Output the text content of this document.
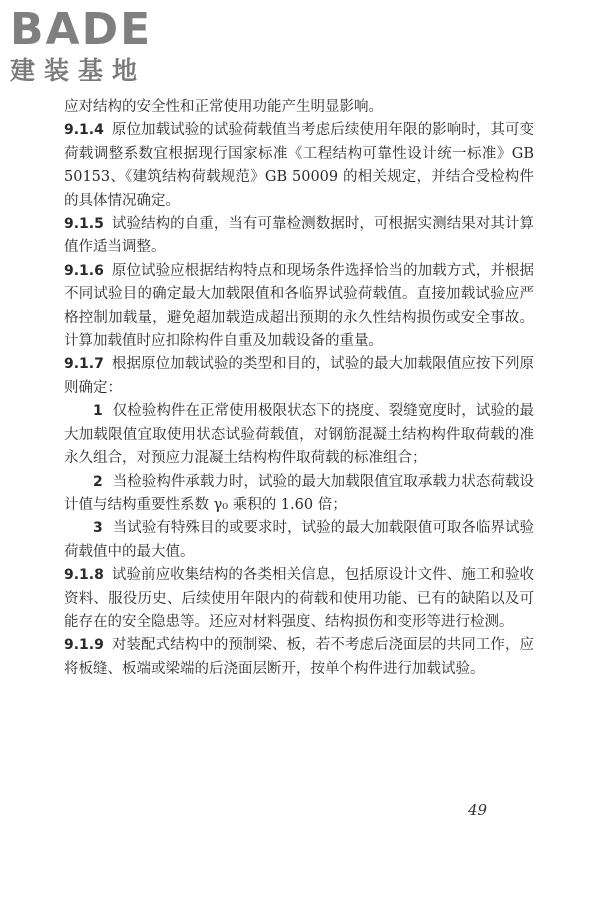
BADE
建装基地

应对结构的安全性和正常使用功能产生明显影响。

9.1.4 原位加载试验的试验荷载值当考虑后续使用年限的影响时，其可变荷载调整系数宜根据现行国家标准《工程结构可靠性设计统一标准》GB 50153、《建筑结构荷载规范》GB 50009 的相关规定，并结合受检构件的具体情况确定。

9.1.5 试验结构的自重，当有可靠检测数据时，可根据实测结果对其计算值作适当调整。

9.1.6 原位试验应根据结构特点和现场条件选择恰当的加载方式，并根据不同试验目的确定最大加载限值和各临界试验荷载值。直接加载试验应严格控制加载量，避免超加载造成超出预期的永久性结构损伤或安全事故。计算加载值时应扣除构件自重及加载设备的重量。

9.1.7 根据原位加载试验的类型和目的，试验的最大加载限值应按下列原则确定：

1 仅检验构件在正常使用极限状态下的挠度、裂缝宽度时，试验的最大加载限值宜取使用状态试验荷载值，对钢筋混凝土结构构件取荷载的准永久组合，对预应力混凝土结构构件取荷载的标准组合；

2 当检验构件承载力时，试验的最大加载限值宜取承载力状态荷载设计值与结构重要性系数 γ₀ 乘积的 1.60 倍；

3 当试验有特殊目的或要求时，试验的最大加载限值可取各临界试验荷载值中的最大值。

9.1.8 试验前应收集结构的各类相关信息，包括原设计文件、施工和验收资料、服役历史、后续使用年限内的荷载和使用功能、已有的缺陷以及可能存在的安全隐患等。还应对材料强度、结构损伤和变形等进行检测。

9.1.9 对装配式结构中的预制梁、板，若不考虑后浇面层的共同工作，应将板缝、板端或梁端的后浇面层断开，按单个构件进行加载试验。

49
